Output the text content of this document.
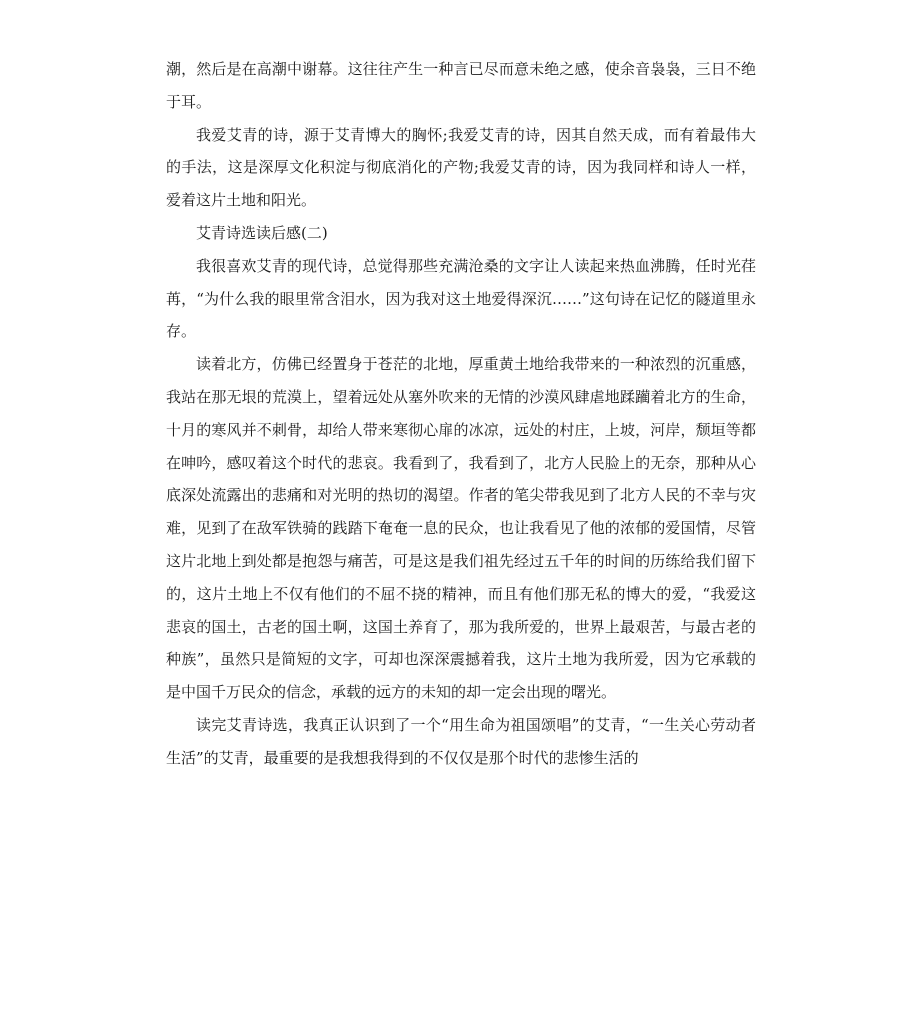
潮，然后是在高潮中谢幕。这往往产生一种言已尽而意未绝之感，使余音袅袅，三日不绝于耳。

我爱艾青的诗，源于艾青博大的胸怀;我爱艾青的诗，因其自然天成，而有着最伟大的手法，这是深厚文化积淀与彻底消化的产物;我爱艾青的诗，因为我同样和诗人一样，爱着这片土地和阳光。

艾青诗选读后感(二)

我很喜欢艾青的现代诗，总觉得那些充满沧桑的文字让人读起来热血沸腾，任时光荏苒，“为什么我的眼里常含泪水，因为我对这土地爱得深沉……”这句诗在记忆的隧道里永存。

读着北方，仿佛已经置身于苍茫的北地，厚重黄土地给我带来的一种浓烈的沉重感，我站在那无垠的荒漠上，望着远处从塞外吹来的无情的沙漠风肆虐地蹂躏着北方的生命，十月的寒风并不刺骨，却给人带来寒彻心扉的冰凉，远处的村庄，上坡，河岸，颓垣等都在呻吟，感叹着这个时代的悲哀。我看到了，我看到了，北方人民脸上的无奈，那种从心底深处流露出的悲痛和对光明的热切的渴望。作者的笔尖带我见到了北方人民的不幸与灾难，见到了在敌军铁骑的践踏下奄奄一息的民众，也让我看见了他的浓郁的爱国情，尽管这片北地上到处都是抱怨与痛苦，可是这是我们祖先经过五千年的时间的历练给我们留下的，这片土地上不仅有他们的不屈不挠的精神，而且有他们那无私的博大的爱，“我爱这悲哀的国土，古老的国土啊，这国土养育了，那为我所爱的，世界上最艰苦，与最古老的种族”，虽然只是简短的文字，可却也深深震撼着我，这片土地为我所爱，因为它承载的是中国千万民众的信念，承载的远方的未知的却一定会出现的曙光。

读完艾青诗选，我真正认识到了一个“用生命为祖国颂唱”的艾青，“一生关心劳动者生活”的艾青，最重要的是我想我得到的不仅仅是那个时代的悲惨生活的
